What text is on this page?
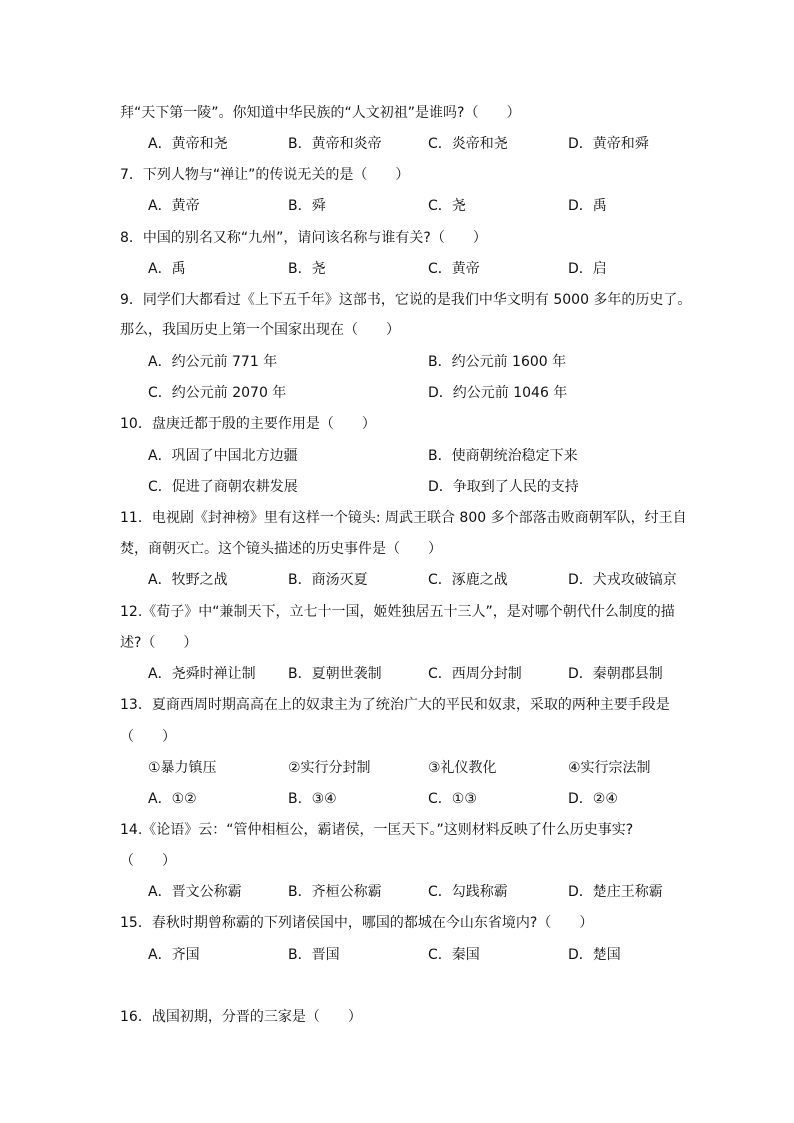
拜“天下第一陵”。你知道中华民族的“人文初祖”是谁吗?（　　）
A．黄帝和尧	B．黄帝和炎帝	C．炎帝和尧	D．黄帝和舜
7．下列人物与“禅让”的传说无关的是（　　）
A．黄帝	B．舜	C．尧	D．禹
8．中国的别名又称“九州”，请问该名称与谁有关?（　　）
A．禹	B．尧	C．黄帝	D．启
9．同学们大都看过《上下五千年》这部书，它说的是我们中华文明有 5000 多年的历史了。
那么，我国历史上第一个国家出现在（　　）
A．约公元前 771 年	B．约公元前 1600 年
C．约公元前 2070 年	D．约公元前 1046 年
10．盘庚迁都于殷的主要作用是（　　）
A．巩固了中国北方边疆	B．使商朝统治稳定下来
C．促进了商朝农耕发展	D．争取到了人民的支持
11．电视剧《封神榜》里有这样一个镜头: 周武王联合 800 多个部落击败商朝军队，纣王自
焚，商朝灭亡。这个镜头描述的历史事件是（　　）
A．牧野之战	B．商汤灭夏	C．涿鹿之战	D．犬戎攻破镐京
12.《荀子》中“兼制天下，立七十一国，姬姓独居五十三人”，是对哪个朝代什么制度的描
述?（　　）
A．尧舜时禅让制 B．夏朝世袭制	C．西周分封制	D．秦朝郡县制
13．夏商西周时期高高在上的奴隶主为了统治广大的平民和奴隶，采取的两种主要手段是
（　　）
①暴力镇压	②实行分封制	③礼仪教化	④实行宗法制
A．①②	B．③④	C．①③	D．②④
14.《论语》云：“管仲相桓公，霸诸侯，一匡天下。”这则材料反映了什么历史事实?
（　　）
A．晋文公称霸	B．齐桓公称霸	C．勾践称霸	D．楚庄王称霸
15．春秋时期曾称霸的下列诸侯国中，哪国的都城在今山东省境内?（　　）
A．齐国	B．晋国	C．秦国	D．楚国
16．战国初期，分晋的三家是（　　）
